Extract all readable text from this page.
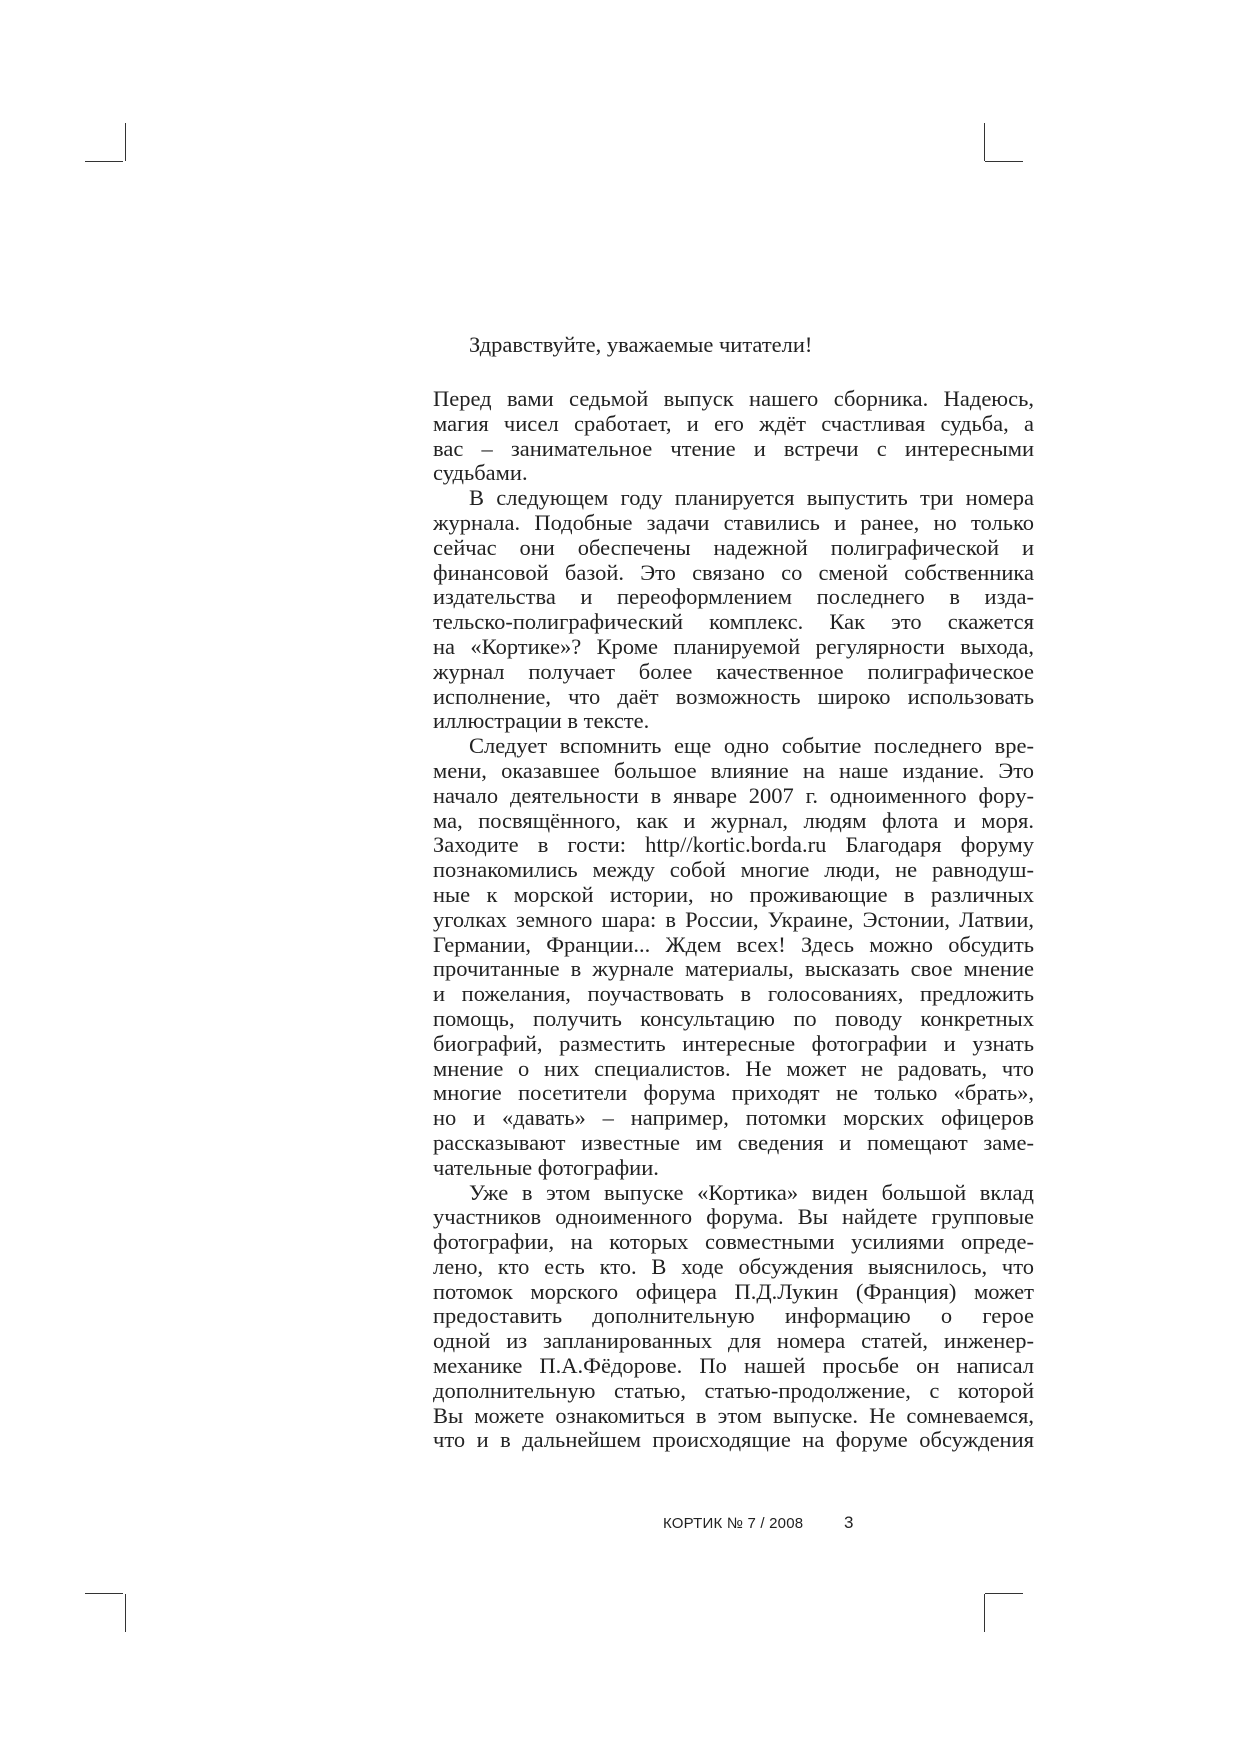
Здравствуйте, уважаемые читатели!

Перед вами седьмой выпуск нашего сборника. Надеюсь,
магия чисел сработает, и его ждёт счастливая судьба, а
вас – занимательное чтение и встречи с интересными
судьбами.
В следующем году планируется выпустить три номера
журнала. Подобные задачи ставились и ранее, но только
сейчас они обеспечены надежной полиграфической и
финансовой базой. Это связано со сменой собственника
издательства и переоформлением последнего в изда-
тельско-полиграфический комплекс. Как это скажется
на «Кортике»? Кроме планируемой регулярности выхода,
журнал получает более качественное полиграфическое
исполнение, что даёт возможность широко использовать
иллюстрации в тексте.
Следует вспомнить еще одно событие последнего вре-
мени, оказавшее большое влияние на наше издание. Это
начало деятельности в январе 2007 г. одноименного фору-
ма, посвящённого, как и журнал, людям флота и моря.
Заходите в гости: http//kortic.borda.ru Благодаря форуму
познакомились между собой многие люди, не равнодуш-
ные к морской истории, но проживающие в различных
уголках земного шара: в России, Украине, Эстонии, Латвии,
Германии, Франции... Ждем всех! Здесь можно обсудить
прочитанные в журнале материалы, высказать свое мнение
и пожелания, поучаствовать в голосованиях, предложить
помощь, получить консультацию по поводу конкретных
биографий, разместить интересные фотографии и узнать
мнение о них специалистов. Не может не радовать, что
многие посетители форума приходят не только «брать»,
но и «давать» – например, потомки морских офицеров
рассказывают известные им сведения и помещают заме-
чательные фотографии.
Уже в этом выпуске «Кортика» виден большой вклад
участников одноименного форума. Вы найдете групповые
фотографии, на которых совместными усилиями опреде-
лено, кто есть кто. В ходе обсуждения выяснилось, что
потомок морского офицера П.Д.Лукин (Франция) может
предоставить дополнительную информацию о герое
одной из запланированных для номера статей, инженер-
механике П.А.Фёдорове. По нашей просьбе он написал
дополнительную статью, статью-продолжение, с которой
Вы можете ознакомиться в этом выпуске. Не сомневаемся,
что и в дальнейшем происходящие на форуме обсуждения
КОРТИК № 7 / 2008 3
